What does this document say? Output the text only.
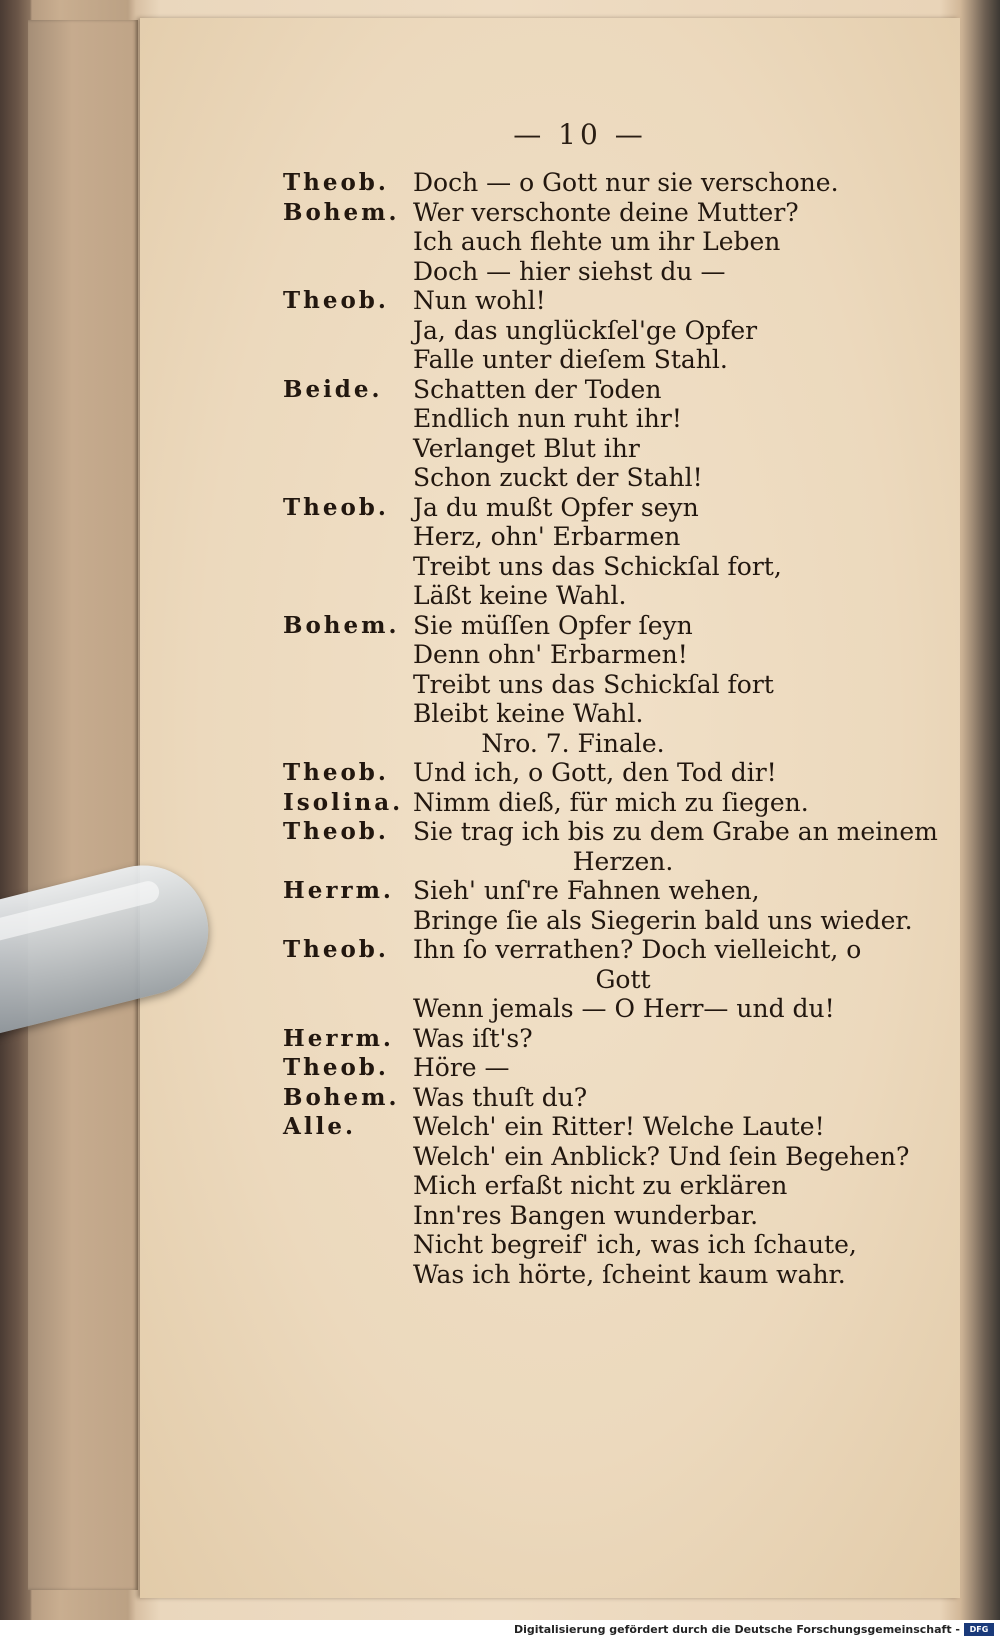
— 10 —
Theob. Doch — o Gott nur sie verschone.
Bohem. Wer verschonte deine Mutter?
Ich auch flehte um ihr Leben
Doch — hier siehst du —
Theob. Nun wohl!
Ja, das unglückſel'ge Opfer
Falle unter dieſem Stahl.
Beide. Schatten der Toden
Endlich nun ruht ihr!
Verlanget Blut ihr
Schon zuckt der Stahl!
Theob. Ja du mußt Opfer seyn
Herz, ohn' Erbarmen
Treibt uns das Schickſal fort,
Läßt keine Wahl.
Bohem. Sie müſſen Opfer ſeyn
Denn ohn' Erbarmen!
Treibt uns das Schickſal fort
Bleibt keine Wahl.
Nro. 7. Finale.
Theob. Und ich, o Gott, den Tod dir!
Isolina. Nimm dieß, für mich zu ſiegen.
Theob. Sie trag ich bis zu dem Grabe an meinem
Herzen.
Herrm. Sieh' unſ're Fahnen wehen,
Bringe ſie als Siegerin bald uns wieder.
Theob. Ihn ſo verrathen? Doch vielleicht, o
Gott
Wenn jemals — O Herr— und du!
Herrm. Was iſt's?
Theob. Höre —
Bohem. Was thuſt du?
Alle. Welch' ein Ritter! Welche Laute!
Welch' ein Anblick? Und ſein Begehen?
Mich erfaßt nicht zu erklären
Inn'res Bangen wunderbar.
Nicht begreif' ich, was ich ſchaute,
Was ich hörte, ſcheint kaum wahr.
Digitalisierung gefördert durch die Deutsche Forschungsgemeinschaft -	DFG
